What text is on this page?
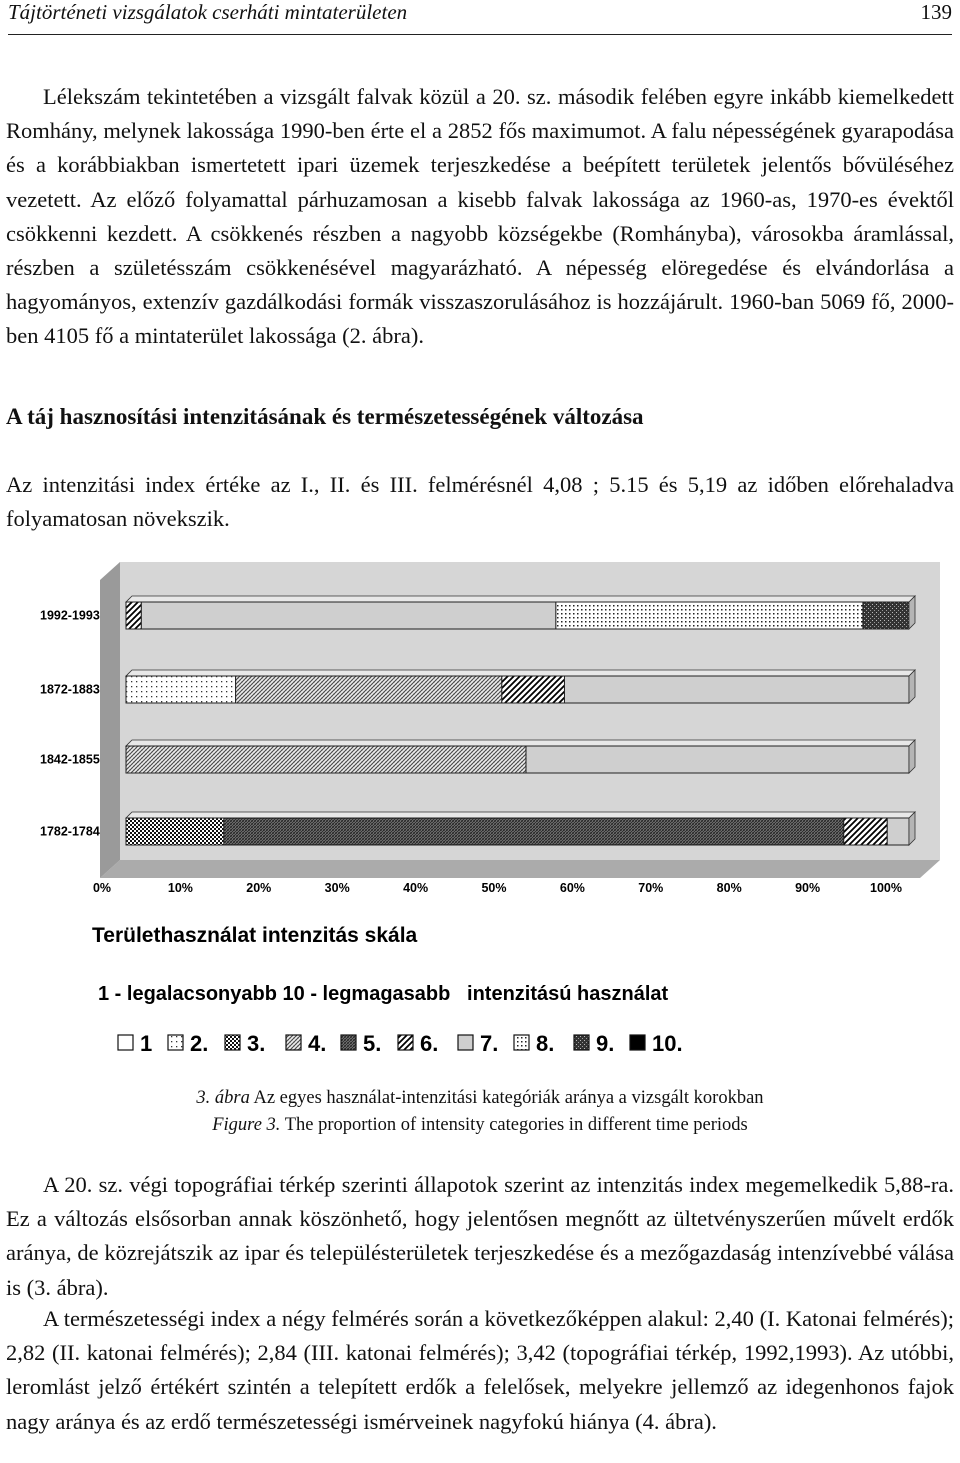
Tájtörténeti vizsgálatok cserháti mintaterületen	139

Lélekszám tekintetében a vizsgált falvak közül a 20. sz. második felében egyre inkább kiemelkedett Romhány, melynek lakossága 1990-ben érte el a 2852 fős maximumot. A falu népességének gyarapodása és a korábbiakban ismertetett ipari üzemek terjeszkedése a beépített területek jelentős bővüléséhez vezetett. Az előző folyamattal párhuzamosan a kisebb falvak lakossága az 1960-as, 1970-es évektől csökkenni kezdett. A csökkenés részben a nagyobb községekbe (Romhányba), városokba áramlással, részben a születésszám csökkenésével magyarázható. A népesség elöregedése és elvándorlása a hagyományos, extenzív gazdálkodási formák visszaszorulásához is hozzájárult. 1960-ban 5069 fő, 2000-ben 4105 fő a mintaterület lakossága (2. ábra).

A táj hasznosítási intenzitásának és természetességének változása

Az intenzitási index értéke az I., II. és III. felmérésnél 4,08 ; 5.15 és 5,19 az időben előrehaladva folyamatosan növekszik.

1992-1993
1872-1883
1842-1855
1782-1784
0%	10%	20%	30%	40%	50%	60%	70%	80%	90%	100%
Területhasználat intenzitás skála
1 - legalacsonyabb 10 - legmagasabb   intenzitású használat
1 2. 3. 4. 5. 6. 7. 8. 9. 10.

3. ábra Az egyes használat-intenzitási kategóriák aránya a vizsgált korokban

Figure 3. The proportion of intensity categories in different time periods

A 20. sz. végi topográfiai térkép szerinti állapotok szerint az intenzitás index megemelkedik 5,88-ra. Ez a változás elsősorban annak köszönhető, hogy jelentősen megnőtt az ültetvényszerűen művelt erdők aránya, de közrejátszik az ipar és településterületek terjeszkedése és a mezőgazdaság intenzívebbé válása is (3. ábra).

A természetességi index a négy felmérés során a következőképpen alakul: 2,40 (I. Katonai felmérés); 2,82 (II. katonai felmérés); 2,84 (III. katonai felmérés); 3,42 (topográfiai térkép, 1992,1993). Az utóbbi, leromlást jelző értékért szintén a telepített erdők a felelősek, melyekre jellemző az idegenhonos fajok nagy aránya és az erdő természetességi ismérveinek nagyfokú hiánya (4. ábra).
